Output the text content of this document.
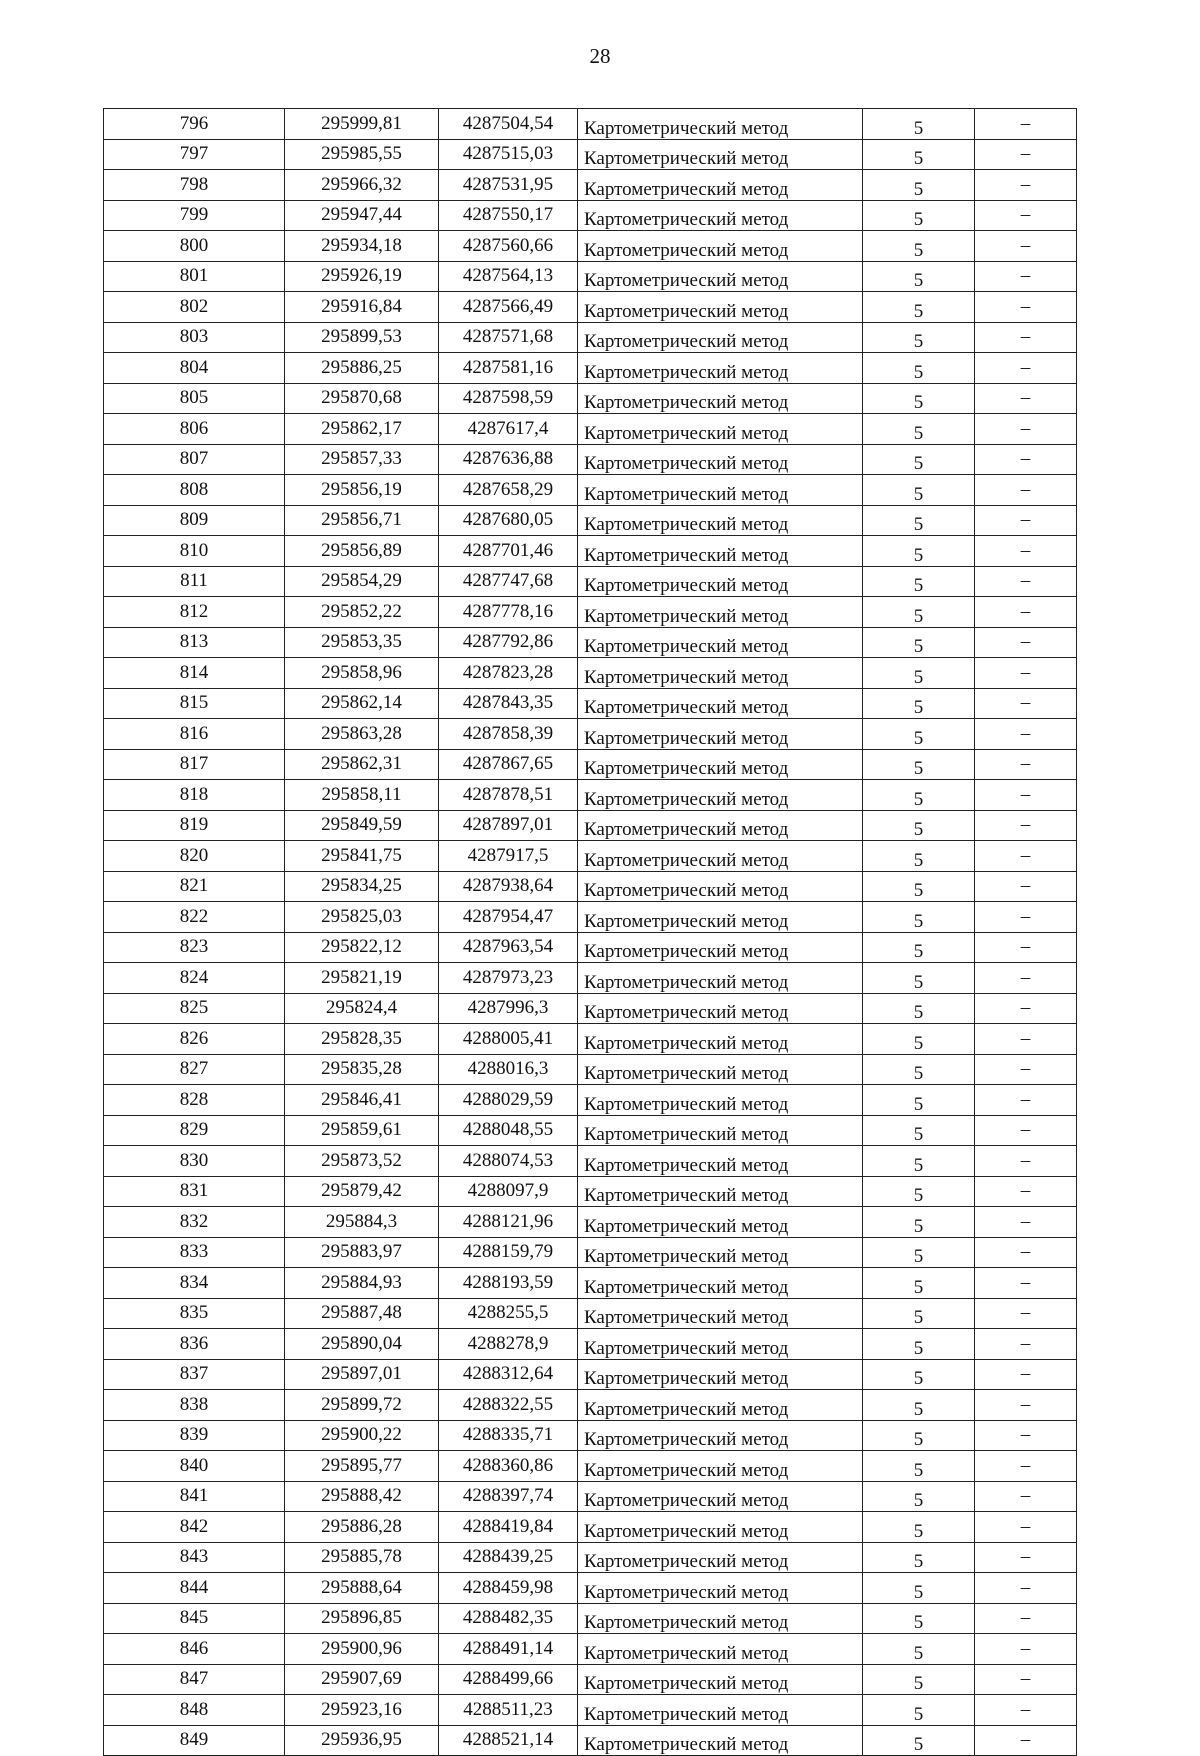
28
796	295999,81	4287504,54	Картометрический метод	5	–
797	295985,55	4287515,03	Картометрический метод	5	–
798	295966,32	4287531,95	Картометрический метод	5	–
799	295947,44	4287550,17	Картометрический метод	5	–
800	295934,18	4287560,66	Картометрический метод	5	–
801	295926,19	4287564,13	Картометрический метод	5	–
802	295916,84	4287566,49	Картометрический метод	5	–
803	295899,53	4287571,68	Картометрический метод	5	–
804	295886,25	4287581,16	Картометрический метод	5	–
805	295870,68	4287598,59	Картометрический метод	5	–
806	295862,17	4287617,4	Картометрический метод	5	–
807	295857,33	4287636,88	Картометрический метод	5	–
808	295856,19	4287658,29	Картометрический метод	5	–
809	295856,71	4287680,05	Картометрический метод	5	–
810	295856,89	4287701,46	Картометрический метод	5	–
811	295854,29	4287747,68	Картометрический метод	5	–
812	295852,22	4287778,16	Картометрический метод	5	–
813	295853,35	4287792,86	Картометрический метод	5	–
814	295858,96	4287823,28	Картометрический метод	5	–
815	295862,14	4287843,35	Картометрический метод	5	–
816	295863,28	4287858,39	Картометрический метод	5	–
817	295862,31	4287867,65	Картометрический метод	5	–
818	295858,11	4287878,51	Картометрический метод	5	–
819	295849,59	4287897,01	Картометрический метод	5	–
820	295841,75	4287917,5	Картометрический метод	5	–
821	295834,25	4287938,64	Картометрический метод	5	–
822	295825,03	4287954,47	Картометрический метод	5	–
823	295822,12	4287963,54	Картометрический метод	5	–
824	295821,19	4287973,23	Картометрический метод	5	–
825	295824,4	4287996,3	Картометрический метод	5	–
826	295828,35	4288005,41	Картометрический метод	5	–
827	295835,28	4288016,3	Картометрический метод	5	–
828	295846,41	4288029,59	Картометрический метод	5	–
829	295859,61	4288048,55	Картометрический метод	5	–
830	295873,52	4288074,53	Картометрический метод	5	–
831	295879,42	4288097,9	Картометрический метод	5	–
832	295884,3	4288121,96	Картометрический метод	5	–
833	295883,97	4288159,79	Картометрический метод	5	–
834	295884,93	4288193,59	Картометрический метод	5	–
835	295887,48	4288255,5	Картометрический метод	5	–
836	295890,04	4288278,9	Картометрический метод	5	–
837	295897,01	4288312,64	Картометрический метод	5	–
838	295899,72	4288322,55	Картометрический метод	5	–
839	295900,22	4288335,71	Картометрический метод	5	–
840	295895,77	4288360,86	Картометрический метод	5	–
841	295888,42	4288397,74	Картометрический метод	5	–
842	295886,28	4288419,84	Картометрический метод	5	–
843	295885,78	4288439,25	Картометрический метод	5	–
844	295888,64	4288459,98	Картометрический метод	5	–
845	295896,85	4288482,35	Картометрический метод	5	–
846	295900,96	4288491,14	Картометрический метод	5	–
847	295907,69	4288499,66	Картометрический метод	5	–
848	295923,16	4288511,23	Картометрический метод	5	–
849	295936,95	4288521,14	Картометрический метод	5	–
